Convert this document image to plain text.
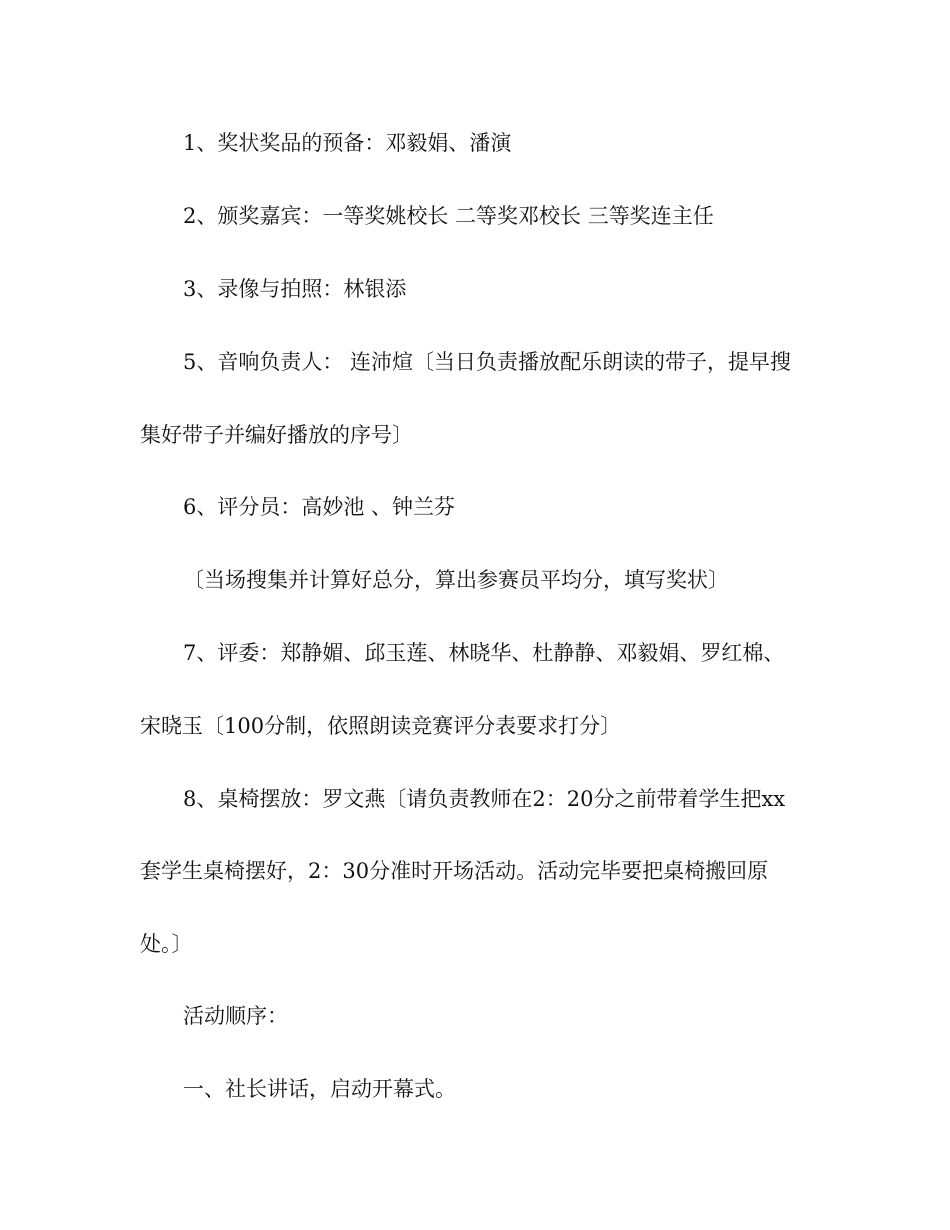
1、奖状奖品的预备：邓毅娟、潘演
2、颁奖嘉宾：一等奖姚校长 二等奖邓校长 三等奖连主任
3、录像与拍照：林银添
5、音响负责人： 连沛煊〔当日负责播放配乐朗读的带子，提早搜
集好带子并编好播放的序号〕
6、评分员：高妙池 、钟兰芬
〔当场搜集并计算好总分，算出参赛员平均分，填写奖状〕
7、评委：郑静媚、邱玉莲、林晓华、杜静静、邓毅娟、罗红棉、
宋晓玉〔100分制，依照朗读竞赛评分表要求打分〕
8、桌椅摆放：罗文燕〔请负责教师在2：20分之前带着学生把xx
套学生桌椅摆好，2：30分准时开场活动。活动完毕要把桌椅搬回原
处。〕
活动顺序：
一、社长讲话，启动开幕式。
